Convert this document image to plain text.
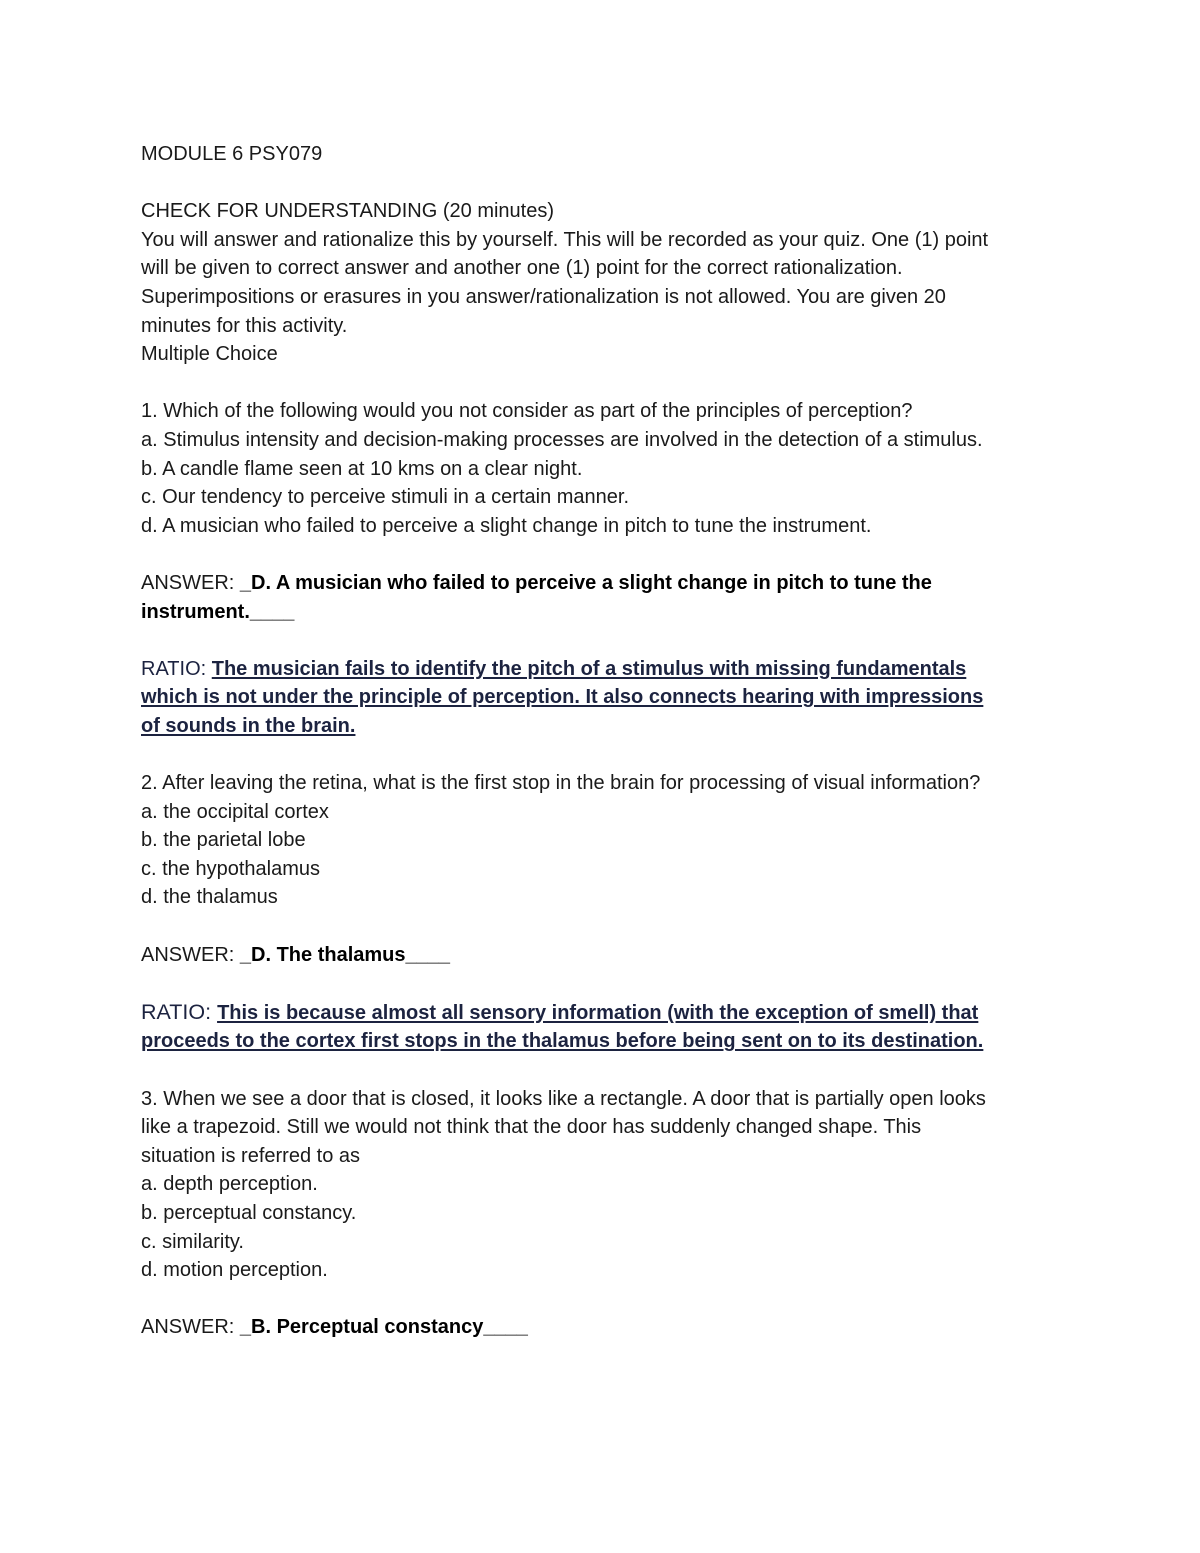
MODULE 6 PSY079
CHECK FOR UNDERSTANDING (20 minutes)
You will answer and rationalize this by yourself. This will be recorded as your quiz. One (1) point
will be given to correct answer and another one (1) point for the correct rationalization.
Superimpositions or erasures in you answer/rationalization is not allowed. You are given 20
minutes for this activity.
Multiple Choice
1. Which of the following would you not consider as part of the principles of perception?
a. Stimulus intensity and decision-making processes are involved in the detection of a stimulus.
b. A candle flame seen at 10 kms on a clear night.
c. Our tendency to perceive stimuli in a certain manner.
d. A musician who failed to perceive a slight change in pitch to tune the instrument.
ANSWER: _D. A musician who failed to perceive a slight change in pitch to tune the
instrument.____
RATIO: The musician fails to identify the pitch of a stimulus with missing fundamentals
which is not under the principle of perception. It also connects hearing with impressions
of sounds in the brain.
2. After leaving the retina, what is the first stop in the brain for processing of visual information?
a. the occipital cortex
b. the parietal lobe
c. the hypothalamus
d. the thalamus
ANSWER: _D. The thalamus____
RATIO: This is because almost all sensory information (with the exception of smell) that
proceeds to the cortex first stops in the thalamus before being sent on to its destination.
3. When we see a door that is closed, it looks like a rectangle. A door that is partially open looks
like a trapezoid. Still we would not think that the door has suddenly changed shape. This
situation is referred to as
a. depth perception.
b. perceptual constancy.
c. similarity.
d. motion perception.
ANSWER: _B. Perceptual constancy____
